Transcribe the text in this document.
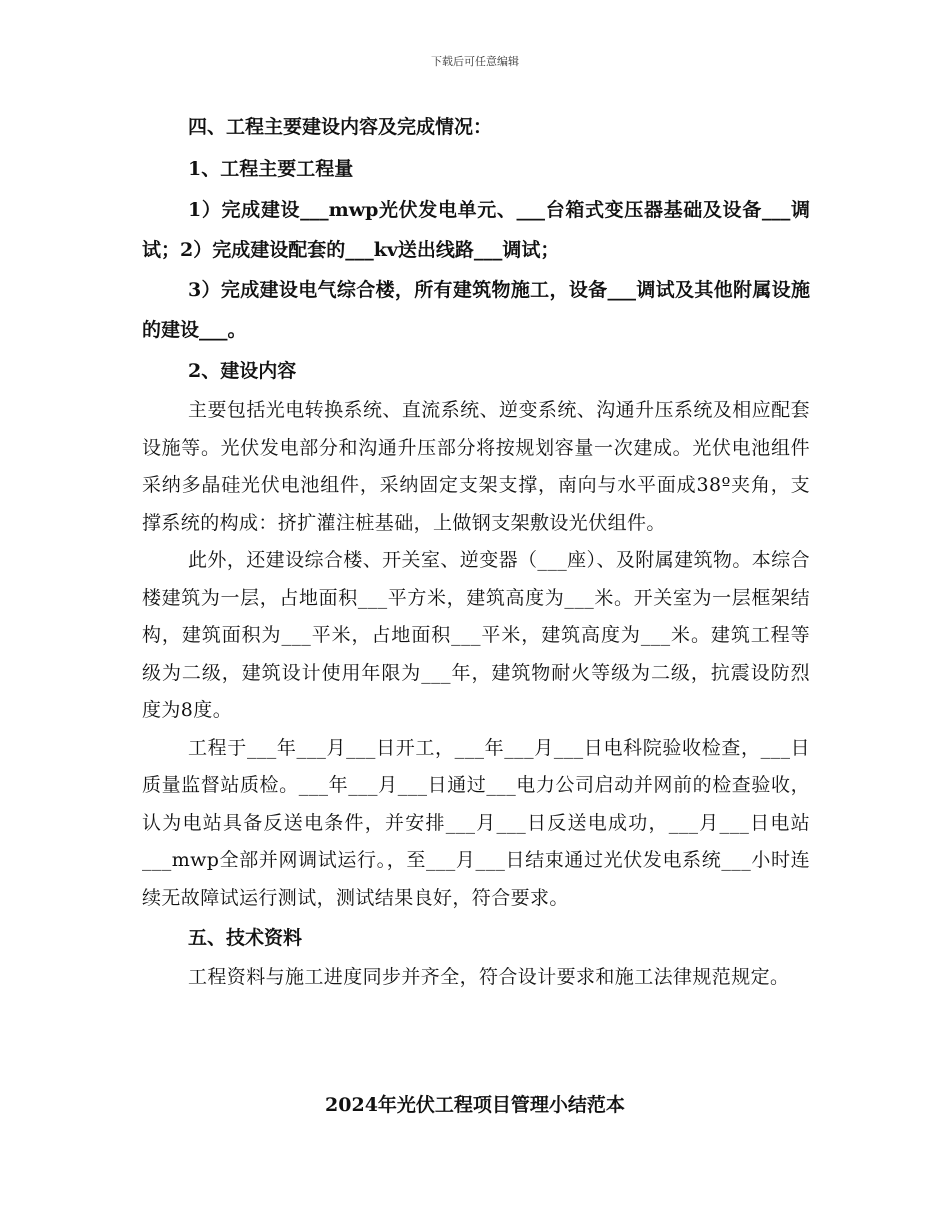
下载后可任意编辑

四、工程主要建设内容及完成情况：

1、工程主要工程量

1）完成建设___mwp光伏发电单元、___台箱式变压器基础及设备___调试；2）完成建设配套的___kv送出线路___调试；

3）完成建设电气综合楼，所有建筑物施工，设备___调试及其他附属设施的建设___。

2、建设内容

主要包括光电转换系统、直流系统、逆变系统、沟通升压系统及相应配套设施等。光伏发电部分和沟通升压部分将按规划容量一次建成。光伏电池组件采纳多晶硅光伏电池组件，采纳固定支架支撑，南向与水平面成38º夹角，支撑系统的构成：挤扩灌注桩基础，上做钢支架敷设光伏组件。

此外，还建设综合楼、开关室、逆变器（___座）、及附属建筑物。本综合楼建筑为一层，占地面积___平方米，建筑高度为___米。开关室为一层框架结构，建筑面积为___平米，占地面积___平米，建筑高度为___米。建筑工程等级为二级，建筑设计使用年限为___年，建筑物耐火等级为二级，抗震设防烈度为8度。

工程于___年___月___日开工，___年___月___日电科院验收检查，___日质量监督站质检。___年___月___日通过___电力公司启动并网前的检查验收，认为电站具备反送电条件，并安排___月___日反送电成功，___月___日电站___mwp全部并网调试运行。，至___月___日结束通过光伏发电系统___小时连续无故障试运行测试，测试结果良好，符合要求。

五、技术资料

工程资料与施工进度同步并齐全，符合设计要求和施工法律规范规定。

2024年光伏工程项目管理小结范本
